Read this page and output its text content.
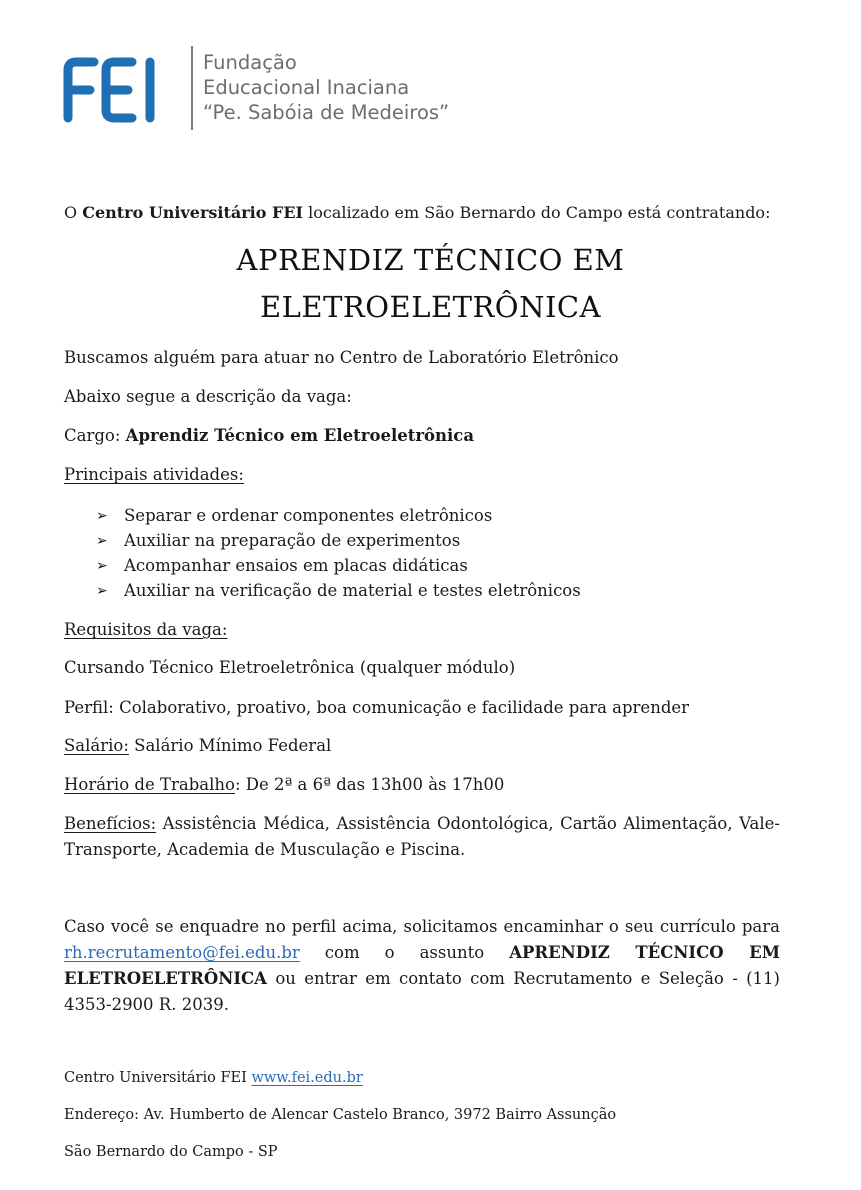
FEI	Fundação
Educacional Inaciana
“Pe. Sabóia de Medeiros”
O Centro Universitário FEI localizado em São Bernardo do Campo está contratando:
APRENDIZ TÉCNICO EM
ELETROELETRÔNICA
Buscamos alguém para atuar no Centro de Laboratório Eletrônico
Abaixo segue a descrição da vaga:
Cargo: Aprendiz Técnico em Eletroeletrônica
Principais atividades:
➢ Separar e ordenar componentes eletrônicos
➢ Auxiliar na preparação de experimentos
➢ Acompanhar ensaios em placas didáticas
➢ Auxiliar na verificação de material e testes eletrônicos
Requisitos da vaga:
Cursando Técnico Eletroeletrônica (qualquer módulo)
Perfil: Colaborativo, proativo, boa comunicação e facilidade para aprender
Salário: Salário Mínimo Federal
Horário de Trabalho: De 2ª a 6ª das 13h00 às 17h00
Benefícios: Assistência Médica, Assistência Odontológica, Cartão Alimentação, Vale-Transporte, Academia de Musculação e Piscina.
Caso você se enquadre no perfil acima, solicitamos encaminhar o seu currículo para rh.recrutamento@fei.edu.br com o assunto APRENDIZ TÉCNICO EM ELETROELETRÔNICA ou entrar em contato com Recrutamento e Seleção - (11) 4353-2900 R. 2039.
Centro Universitário FEI www.fei.edu.br
Endereço: Av. Humberto de Alencar Castelo Branco, 3972 Bairro Assunção
São Bernardo do Campo - SP
